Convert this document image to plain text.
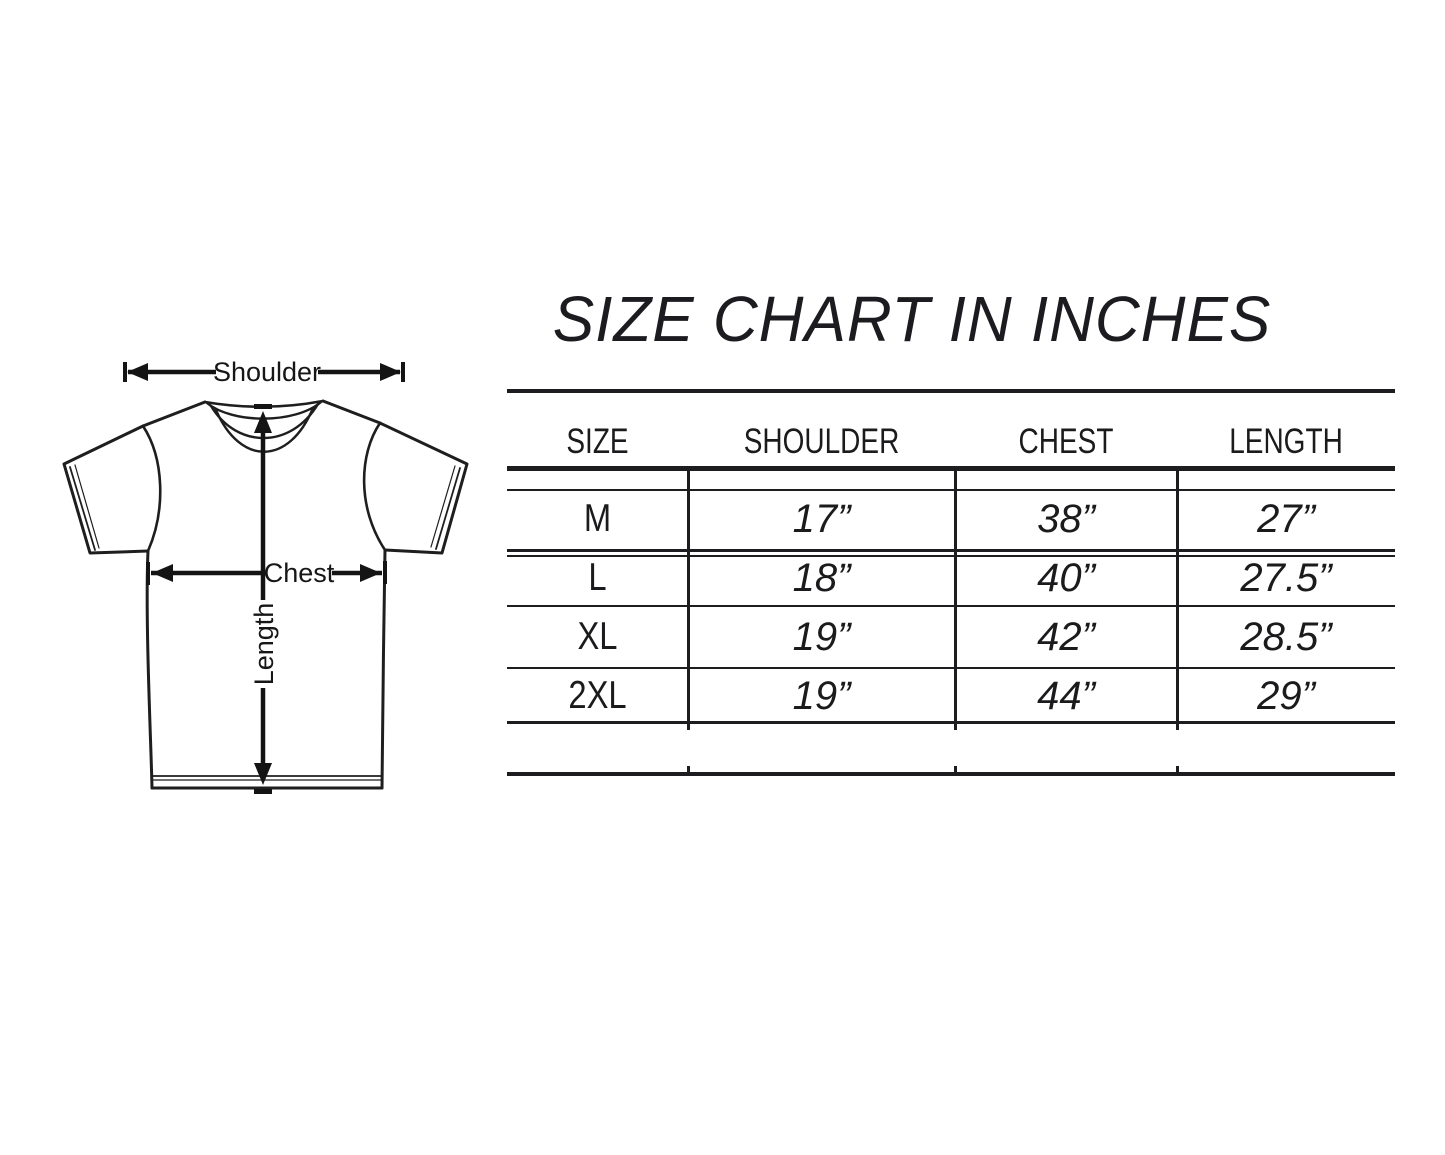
SIZE CHART IN INCHES
Shoulder
Chest
Length
SIZE	SHOULDER	CHEST	LENGTH
M	17”	38”	27”
L	18”	40”	27.5”
XL	19”	42”	28.5”
2XL	19”	44”	29”
